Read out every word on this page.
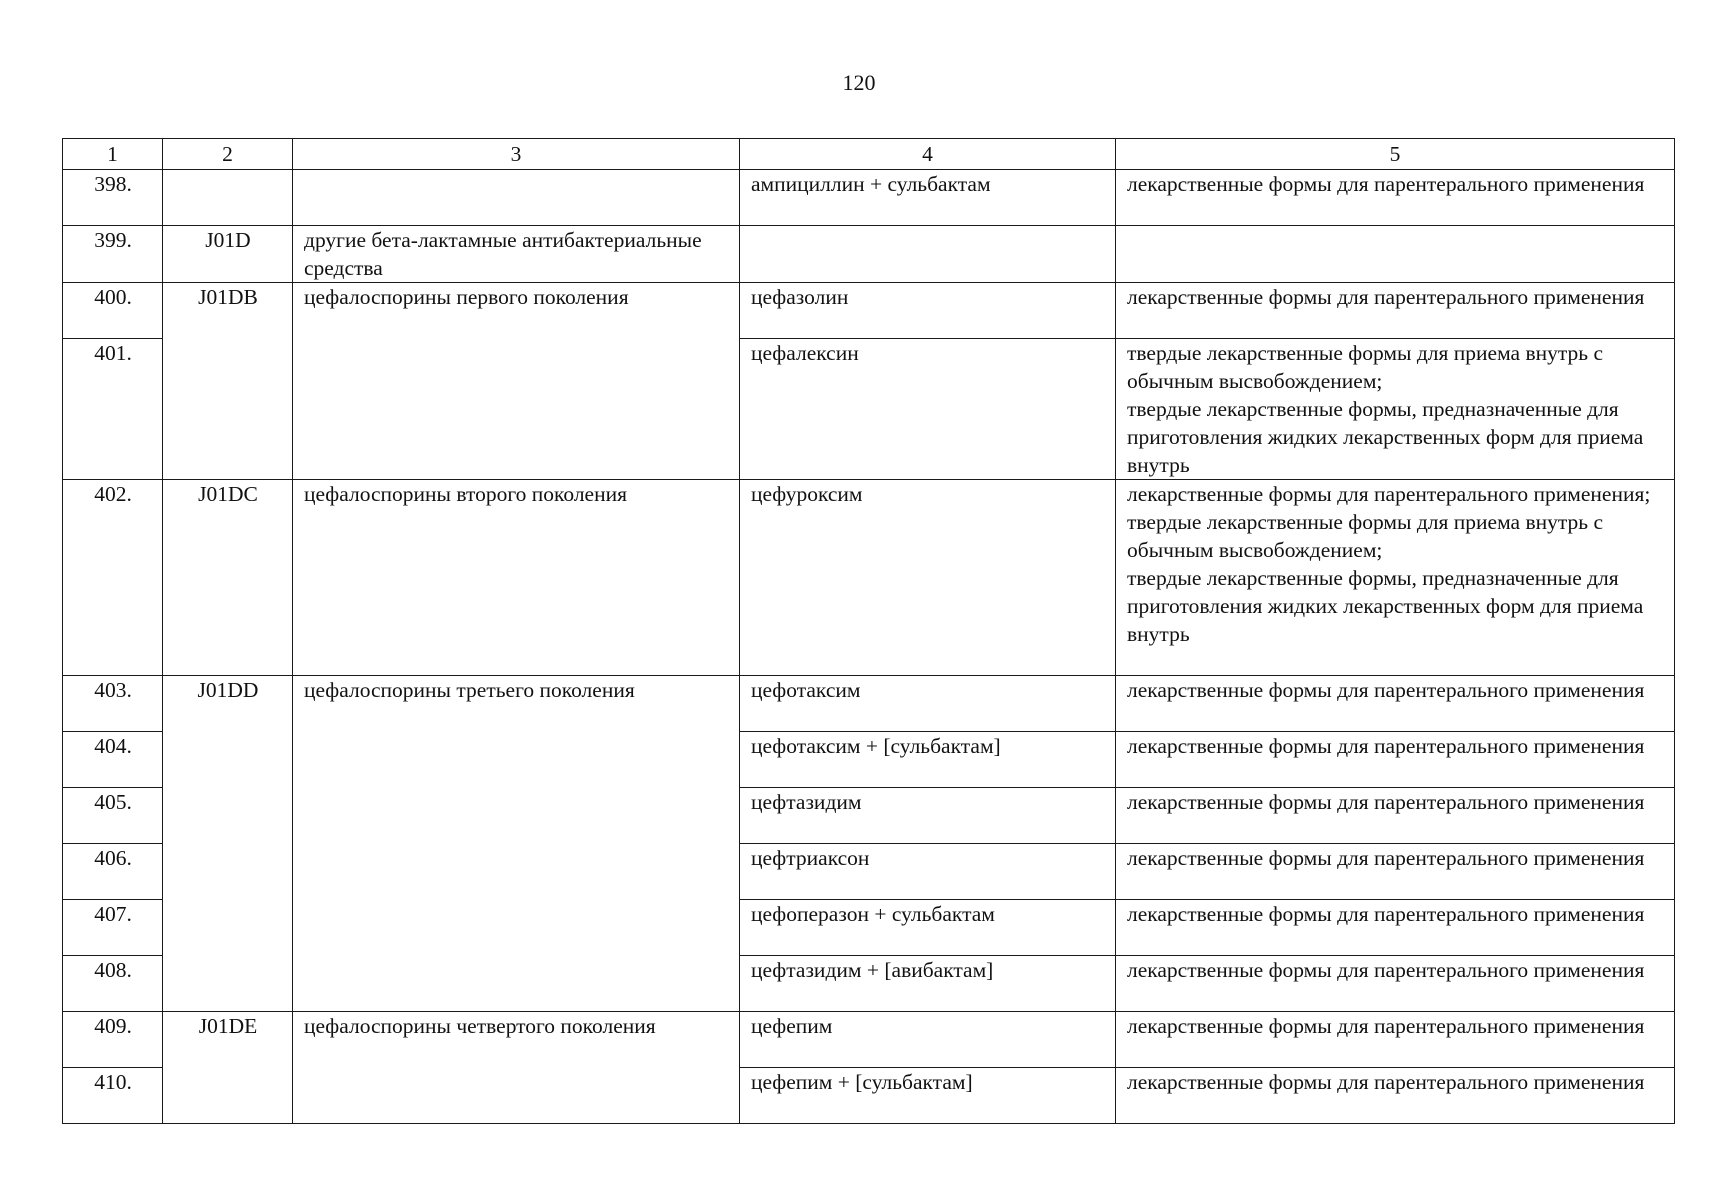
120
1	2	3	4	5
398.			ампициллин + сульбактам	лекарственные формы для парентерального применения

399.	J01D	другие бета-лактамные антибактериальные средства		

400.	J01DB	цефалоспорины первого поколения	цефазолин	лекарственные формы для парентерального применения

401.			цефалексин	твердые лекарственные формы для приема внутрь с обычным высвобождением;
твердые лекарственные формы, предназначенные для приготовления жидких лекарственных форм для приема внутрь

402.	J01DC	цефалоспорины второго поколения	цефуроксим	лекарственные формы для парентерального применения;
твердые лекарственные формы для приема внутрь с обычным высвобождением;
твердые лекарственные формы, предназначенные для приготовления жидких лекарственных форм для приема внутрь

403.	J01DD	цефалоспорины третьего поколения	цефотаксим	лекарственные формы для парентерального применения

404.			цефотаксим + [сульбактам]	лекарственные формы для парентерального применения

405.			цефтазидим	лекарственные формы для парентерального применения

406.			цефтриаксон	лекарственные формы для парентерального применения

407.			цефоперазон + сульбактам	лекарственные формы для парентерального применения

408.			цефтазидим + [авибактам]	лекарственные формы для парентерального применения

409.	J01DE	цефалоспорины четвертого поколения	цефепим	лекарственные формы для парентерального применения

410.			цефепим + [сульбактам]	лекарственные формы для парентерального применения
